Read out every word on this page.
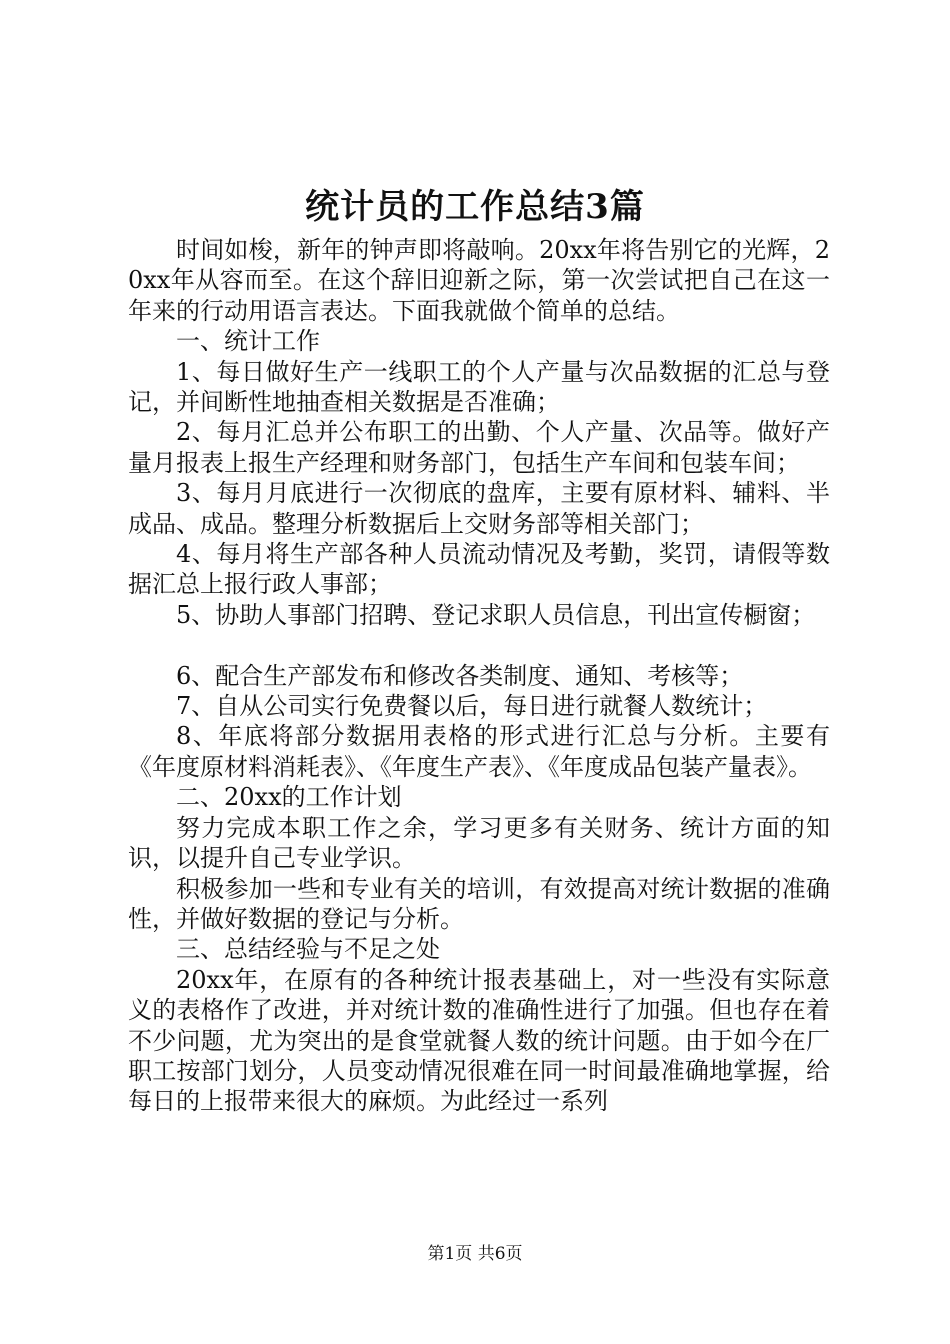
统计员的工作总结3篇

时间如梭，新年的钟声即将敲响。20xx年将告别它的光辉，20xx年从容而至。在这个辞旧迎新之际，第一次尝试把自己在这一年来的行动用语言表达。下面我就做个简单的总结。

一、统计工作

1、每日做好生产一线职工的个人产量与次品数据的汇总与登记，并间断性地抽查相关数据是否准确；

2、每月汇总并公布职工的出勤、个人产量、次品等。做好产量月报表上报生产经理和财务部门，包括生产车间和包装车间；

3、每月月底进行一次彻底的盘库，主要有原材料、辅料、半成品、成品。整理分析数据后上交财务部等相关部门；

4、每月将生产部各种人员流动情况及考勤，奖罚，请假等数据汇总上报行政人事部；

5、协助人事部门招聘、登记求职人员信息，刊出宣传橱窗；

6、配合生产部发布和修改各类制度、通知、考核等；

7、自从公司实行免费餐以后，每日进行就餐人数统计；

8、年底将部分数据用表格的形式进行汇总与分析。主要有《年度原材料消耗表》、《年度生产表》、《年度成品包装产量表》。

二、20xx的工作计划

努力完成本职工作之余，学习更多有关财务、统计方面的知识，以提升自己专业学识。

积极参加一些和专业有关的培训，有效提高对统计数据的准确性，并做好数据的登记与分析。

三、总结经验与不足之处

20xx年，在原有的各种统计报表基础上，对一些没有实际意义的表格作了改进，并对统计数的准确性进行了加强。但也存在着不少问题，尤为突出的是食堂就餐人数的统计问题。由于如今在厂职工按部门划分，人员变动情况很难在同一时间最准确地掌握，给每日的上报带来很大的麻烦。为此经过一系列

第1页 共6页
